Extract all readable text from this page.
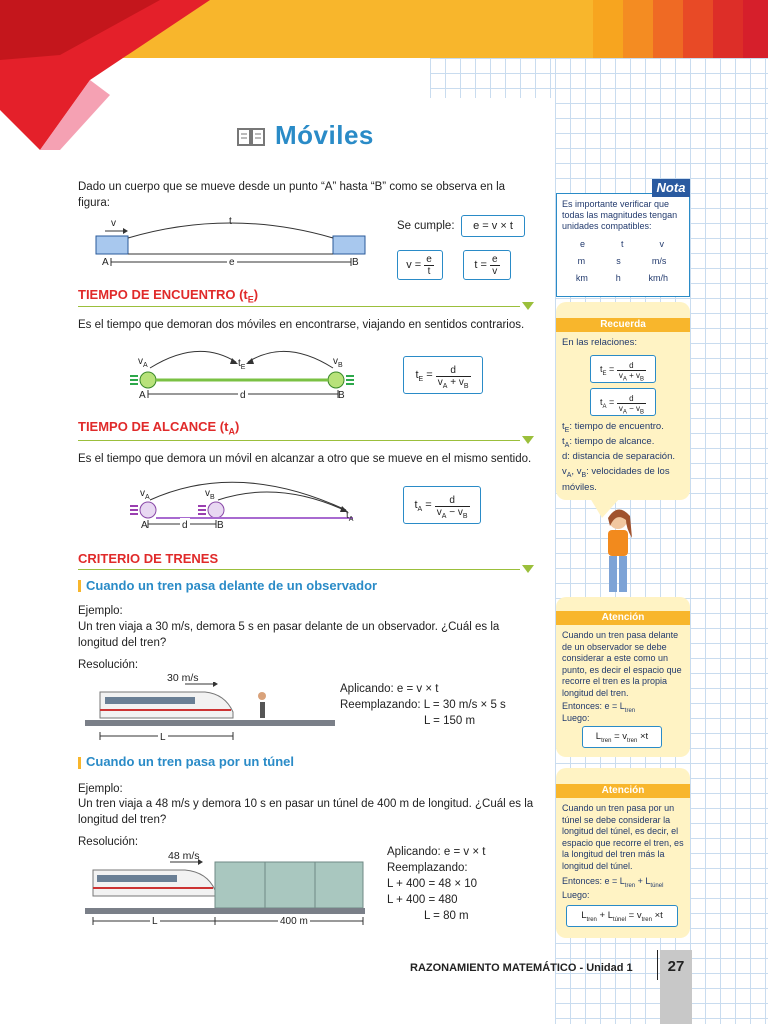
Móviles
Dado un cuerpo que se mueve desde un punto “A” hasta “B” como se observa en la figura:
v	t
A	e	B
Se cumple:	e = v × t
$v = \frac{e}{t}$	$t = \frac{e}{v}$
TIEMPO DE ENCUENTRO $(t_E)$
Es el tiempo que demoran dos móviles en encontrarse, viajando en sentidos contrarios.
$v_A$	$v_B$
$t_E$
A	d	B
$t_E = \frac{d}{v_A + v_B}$
TIEMPO DE ALCANCE $(t_A)$
Es el tiempo que demora un móvil en alcanzar a otro que se mueve en el mismo sentido.
$v_A$	$v_B$
$t_A$
A	d	B
$t_A = \frac{d}{v_A - v_B}$
CRITERIO DE TRENES
Cuando un tren pasa delante de un observador
Ejemplo:
Un tren viaja a 30 m/s, demora 5 s en pasar delante de un observador. ¿Cuál es la longitud del tren?
Resolución:
30 m/s
L
Aplicando: e = v × t
Reemplazando: L = 30 m/s × 5 s
L = 150 m
Cuando un tren pasa por un túnel
Ejemplo:
Un tren viaja a 48 m/s y demora 10 s en pasar un túnel de 400 m de longitud. ¿Cuál es la longitud del tren?
Resolución:
48 m/s
L	400 m
Aplicando: e = v × t
Reemplazando:
L + 400 = 48 × 10
L + 400 = 480
L = 80 m
Nota
Es importante verificar que todas las magnitudes tengan unidades compatibles:
e	t	v
m	s	m/s
km	h	km/h
Recuerda
En las relaciones:
$t_E = \frac{d}{v_A + v_B}$
$t_A = \frac{d}{v_A - v_B}$
$t_E$: tiempo de encuentro.
$t_A$: tiempo de alcance.
d: distancia de separación.
$v_A$, $v_B$: velocidades de los móviles.
Atención
Cuando un tren pasa delante de un observador se debe considerar a este como un punto, es decir el espacio que recorre el tren es la propia longitud del tren.
Entonces: $e = L_{tren}$
Luego:
$L_{tren} = v_{tren} \times t$
Atención
Cuando un tren pasa por un túnel se debe considerar la longitud del túnel, es decir, el espacio que recorre el tren, es la longitud del tren más la longitud del túnel.
Entonces: $e = L_{tren} + L_{túnel}$
Luego:
$L_{tren} + L_{túnel} = v_{tren} \times t$
RAZONAMIENTO MATEMÁTICO - Unidad 1	27
